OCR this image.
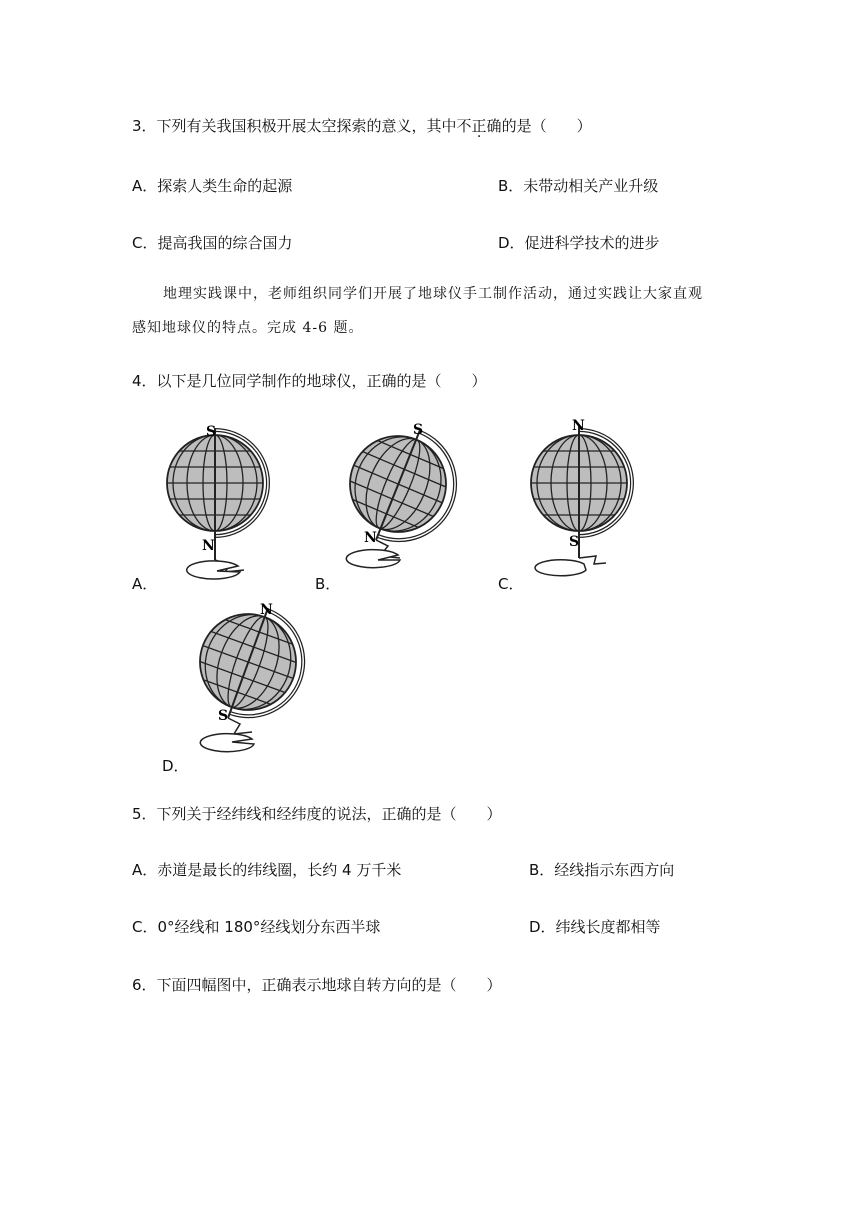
3．下列有关我国积极开展太空探索的意义，其中不正确的是（　　）
A．探索人类生命的起源	B．未带动相关产业升级
C．提高我国的综合国力	D．促进科学技术的进步
地理实践课中，老师组织同学们开展了地球仪手工制作活动，通过实践让大家直观
感知地球仪的特点。完成 4-6 题。
4．以下是几位同学制作的地球仪，正确的是（　　）
S
N
A．
S
N
B．
N
S
C．
N
S
D．
5．下列关于经纬线和经纬度的说法，正确的是（　　）
A．赤道是最长的纬线圈，长约 4 万千米	B．经线指示东西方向
C．0°经线和 180°经线划分东西半球	D．纬线长度都相等
6．下面四幅图中，正确表示地球自转方向的是（　　）
